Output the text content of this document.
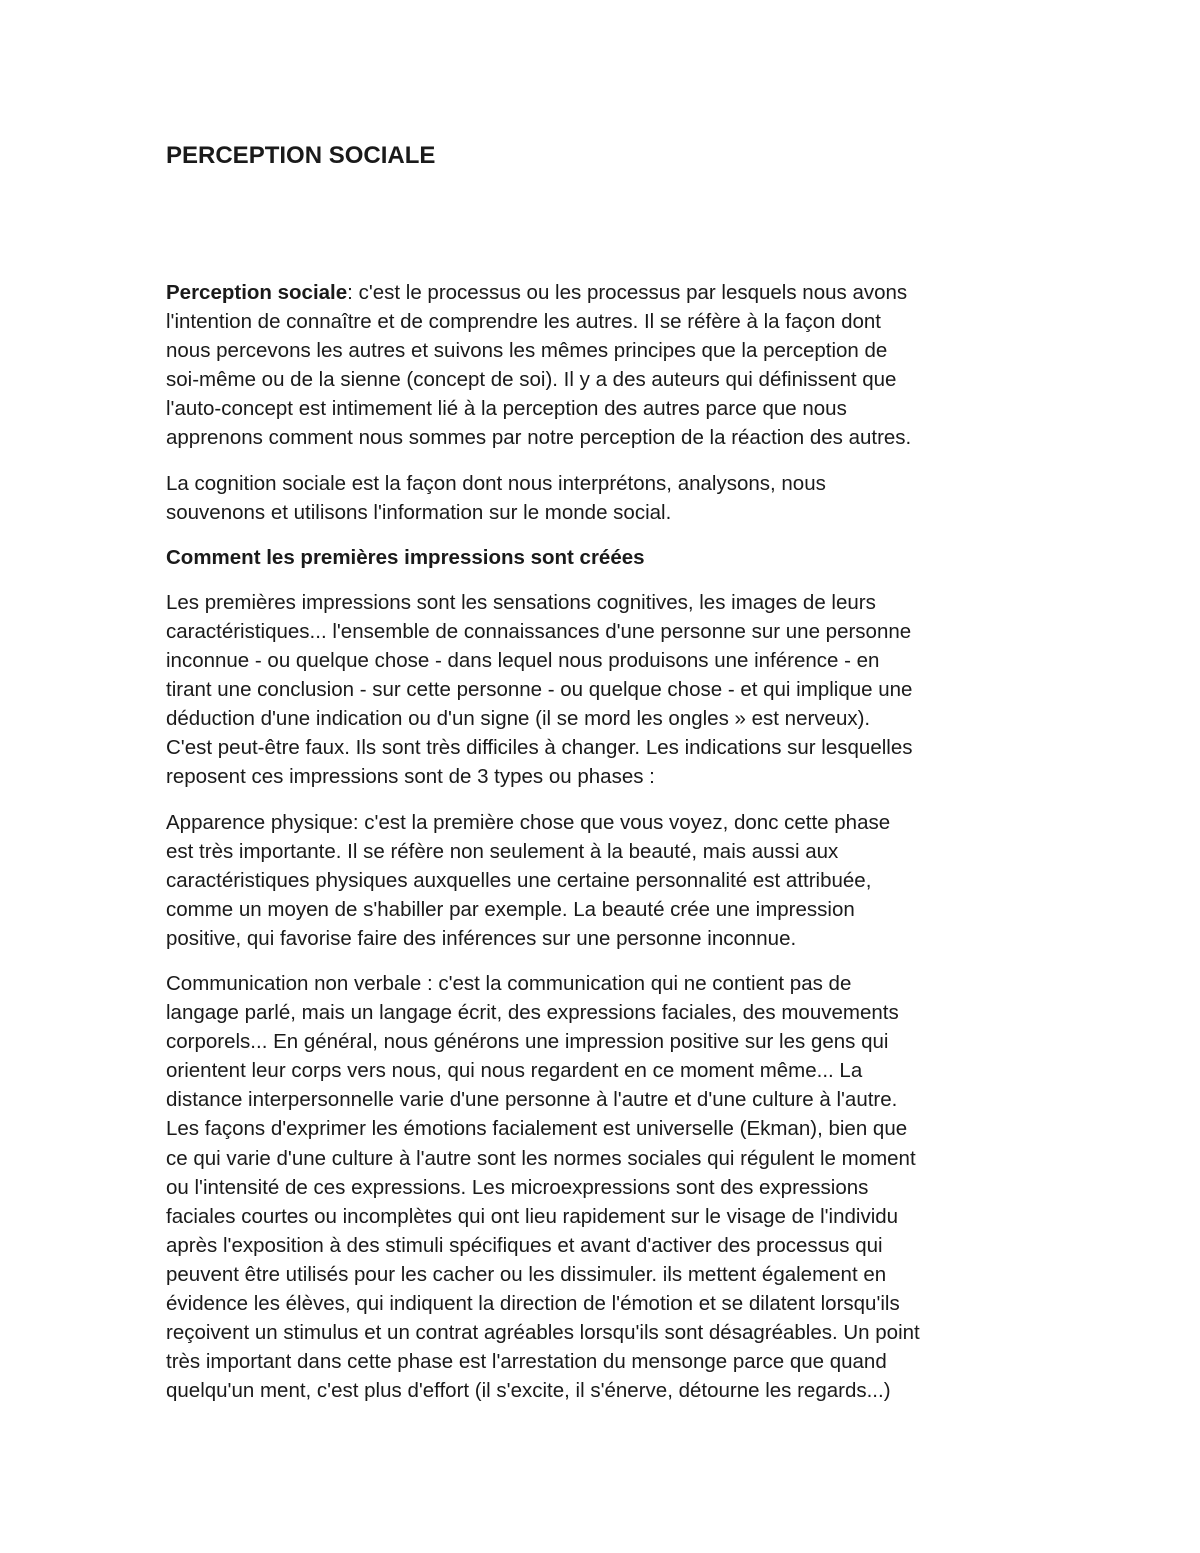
PERCEPTION SOCIALE

Perception sociale: c'est le processus ou les processus par lesquels nous avons
l'intention de connaître et de comprendre les autres. Il se réfère à la façon dont
nous percevons les autres et suivons les mêmes principes que la perception de
soi-même ou de la sienne (concept de soi). Il y a des auteurs qui définissent que
l'auto-concept est intimement lié à la perception des autres parce que nous
apprenons comment nous sommes par notre perception de la réaction des autres.

La cognition sociale est la façon dont nous interprétons, analysons, nous
souvenons et utilisons l'information sur le monde social.

Comment les premières impressions sont créées

Les premières impressions sont les sensations cognitives, les images de leurs
caractéristiques... l'ensemble de connaissances d'une personne sur une personne
inconnue - ou quelque chose - dans lequel nous produisons une inférence - en
tirant une conclusion - sur cette personne - ou quelque chose - et qui implique une
déduction d'une indication ou d'un signe (il se mord les ongles » est nerveux).
C'est peut-être faux. Ils sont très difficiles à changer. Les indications sur lesquelles
reposent ces impressions sont de 3 types ou phases :

Apparence physique: c'est la première chose que vous voyez, donc cette phase
est très importante. Il se réfère non seulement à la beauté, mais aussi aux
caractéristiques physiques auxquelles une certaine personnalité est attribuée,
comme un moyen de s'habiller par exemple. La beauté crée une impression
positive, qui favorise faire des inférences sur une personne inconnue.

Communication non verbale : c'est la communication qui ne contient pas de
langage parlé, mais un langage écrit, des expressions faciales, des mouvements
corporels... En général, nous générons une impression positive sur les gens qui
orientent leur corps vers nous, qui nous regardent en ce moment même... La
distance interpersonnelle varie d'une personne à l'autre et d'une culture à l'autre.
Les façons d'exprimer les émotions facialement est universelle (Ekman), bien que
ce qui varie d'une culture à l'autre sont les normes sociales qui régulent le moment
ou l'intensité de ces expressions. Les microexpressions sont des expressions
faciales courtes ou incomplètes qui ont lieu rapidement sur le visage de l'individu
après l'exposition à des stimuli spécifiques et avant d'activer des processus qui
peuvent être utilisés pour les cacher ou les dissimuler. ils mettent également en
évidence les élèves, qui indiquent la direction de l'émotion et se dilatent lorsqu'ils
reçoivent un stimulus et un contrat agréables lorsqu'ils sont désagréables. Un point
très important dans cette phase est l'arrestation du mensonge parce que quand
quelqu'un ment, c'est plus d'effort (il s'excite, il s'énerve, détourne les regards...)
